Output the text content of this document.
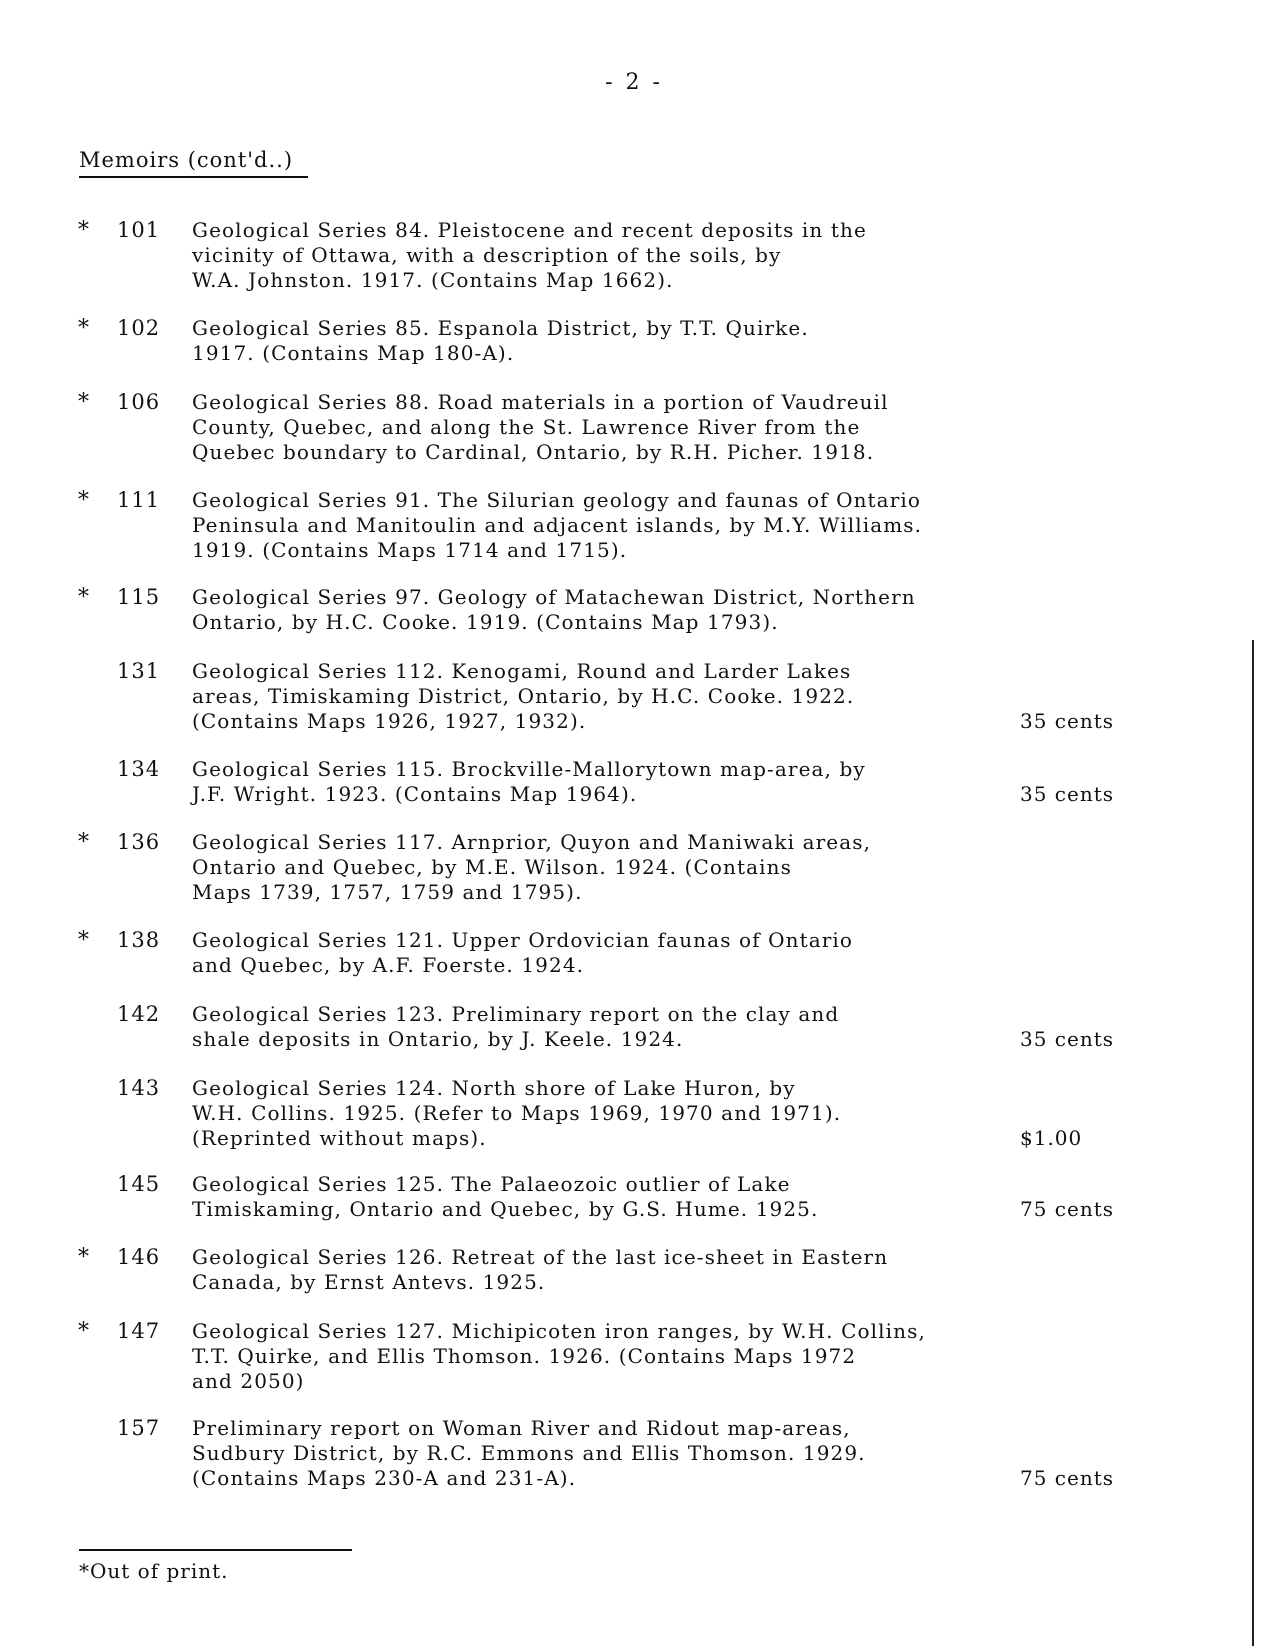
- 2 -
Memoirs (cont'd..)
* 101 Geological Series 84. Pleistocene and recent deposits in the
vicinity of Ottawa, with a description of the soils, by
W.A. Johnston. 1917. (Contains Map 1662).
* 102 Geological Series 85. Espanola District, by T.T. Quirke.
1917. (Contains Map 180-A).
* 106 Geological Series 88. Road materials in a portion of Vaudreuil
County, Quebec, and along the St. Lawrence River from the
Quebec boundary to Cardinal, Ontario, by R.H. Picher. 1918.
* 111 Geological Series 91. The Silurian geology and faunas of Ontario
Peninsula and Manitoulin and adjacent islands, by M.Y. Williams.
1919. (Contains Maps 1714 and 1715).
* 115 Geological Series 97. Geology of Matachewan District, Northern
Ontario, by H.C. Cooke. 1919. (Contains Map 1793).
131 Geological Series 112. Kenogami, Round and Larder Lakes
areas, Timiskaming District, Ontario, by H.C. Cooke. 1922.
(Contains Maps 1926, 1927, 1932).	35 cents
134 Geological Series 115. Brockville-Mallorytown map-area, by
J.F. Wright. 1923. (Contains Map 1964).	35 cents
* 136 Geological Series 117. Arnprior, Quyon and Maniwaki areas,
Ontario and Quebec, by M.E. Wilson. 1924. (Contains
Maps 1739, 1757, 1759 and 1795).
* 138 Geological Series 121. Upper Ordovician faunas of Ontario
and Quebec, by A.F. Foerste. 1924.
142 Geological Series 123. Preliminary report on the clay and
shale deposits in Ontario, by J. Keele. 1924.	35 cents
143 Geological Series 124. North shore of Lake Huron, by
W.H. Collins. 1925. (Refer to Maps 1969, 1970 and 1971).
(Reprinted without maps).	$1.00
145 Geological Series 125. The Palaeozoic outlier of Lake
Timiskaming, Ontario and Quebec, by G.S. Hume. 1925.	75 cents
* 146 Geological Series 126. Retreat of the last ice-sheet in Eastern
Canada, by Ernst Antevs. 1925.
* 147 Geological Series 127. Michipicoten iron ranges, by W.H. Collins,
T.T. Quirke, and Ellis Thomson. 1926. (Contains Maps 1972
and 2050)
157 Preliminary report on Woman River and Ridout map-areas,
Sudbury District, by R.C. Emmons and Ellis Thomson. 1929.
(Contains Maps 230-A and 231-A).	75 cents
*Out of print.
